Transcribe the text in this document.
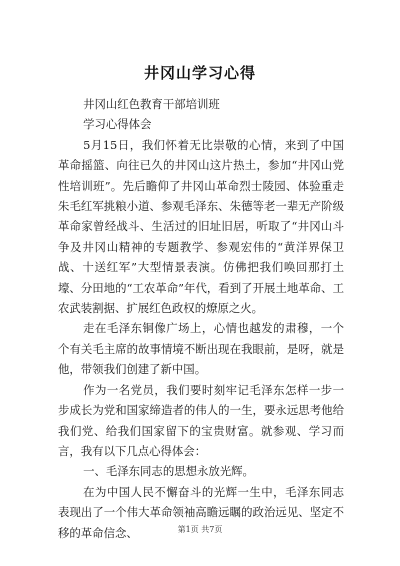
井冈山学习心得

井冈山红色教育干部培训班

学习心得体会

5月15日，我们怀着无比崇敬的心情，来到了中国革命摇篮、向往已久的井冈山这片热土，参加“井冈山党性培训班”。先后瞻仰了井冈山革命烈士陵园、体验重走朱毛红军挑粮小道、参观毛泽东、朱德等老一辈无产阶级革命家曾经战斗、生活过的旧址旧居，听取了“井冈山斗争及井冈山精神的专题教学、参观宏伟的“黄洋界保卫战、十送红军”大型情景表演。仿佛把我们唤回那打土壕、分田地的“工农革命”年代，看到了开展土地革命、工农武装割据、扩展红色政权的燎原之火。

走在毛泽东铜像广场上，心情也越发的肃穆，一个个有关毛主席的故事情境不断出现在我眼前，是呀，就是他，带领我们创建了新中国。

作为一名党员，我们要时刻牢记毛泽东怎样一步一步成长为党和国家缔造者的伟人的一生，要永远思考他给我们党、给我们国家留下的宝贵财富。就参观、学习而言，我有以下几点心得体会：

一、毛泽东同志的思想永放光辉。

在为中国人民不懈奋斗的光辉一生中，毛泽东同志表现出了一个伟大革命领袖高瞻远瞩的政治远见、坚定不移的革命信念、	第1页 共7页
